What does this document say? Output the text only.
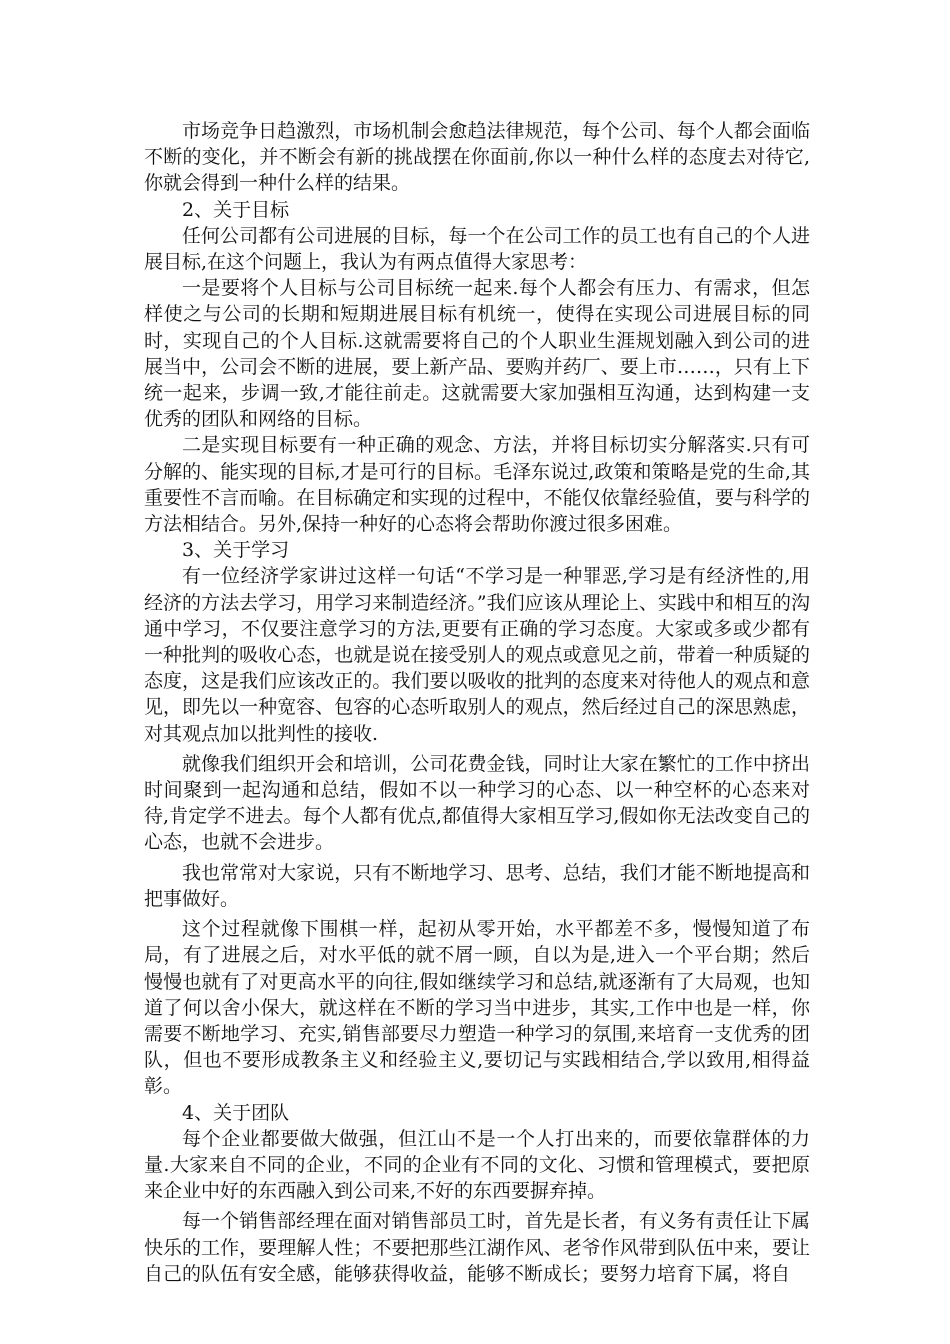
市场竞争日趋激烈，市场机制会愈趋法律规范，每个公司、每个人都会面临不断的变化，并不断会有新的挑战摆在你面前,你以一种什么样的态度去对待它,你就会得到一种什么样的结果。

2、关于目标

任何公司都有公司进展的目标，每一个在公司工作的员工也有自己的个人进展目标,在这个问题上，我认为有两点值得大家思考：

一是要将个人目标与公司目标统一起来.每个人都会有压力、有需求，但怎样使之与公司的长期和短期进展目标有机统一，使得在实现公司进展目标的同时，实现自己的个人目标.这就需要将自己的个人职业生涯规划融入到公司的进展当中，公司会不断的进展，要上新产品、要购并药厂、要上市……，只有上下统一起来，步调一致,才能往前走。这就需要大家加强相互沟通，达到构建一支优秀的团队和网络的目标。

二是实现目标要有一种正确的观念、方法，并将目标切实分解落实.只有可分解的、能实现的目标,才是可行的目标。毛泽东说过,政策和策略是党的生命,其重要性不言而喻。在目标确定和实现的过程中，不能仅依靠经验值，要与科学的方法相结合。另外,保持一种好的心态将会帮助你渡过很多困难。

3、关于学习

有一位经济学家讲过这样一句话“不学习是一种罪恶,学习是有经济性的,用经济的方法去学习，用学习来制造经济。”我们应该从理论上、实践中和相互的沟通中学习，不仅要注意学习的方法,更要有正确的学习态度。大家或多或少都有一种批判的吸收心态，也就是说在接受别人的观点或意见之前，带着一种质疑的态度，这是我们应该改正的。我们要以吸收的批判的态度来对待他人的观点和意见，即先以一种宽容、包容的心态听取别人的观点，然后经过自己的深思熟虑，对其观点加以批判性的接收.

就像我们组织开会和培训，公司花费金钱，同时让大家在繁忙的工作中挤出时间聚到一起沟通和总结，假如不以一种学习的心态、以一种空杯的心态来对待,肯定学不进去。每个人都有优点,都值得大家相互学习,假如你无法改变自己的心态，也就不会进步。

我也常常对大家说，只有不断地学习、思考、总结，我们才能不断地提高和把事做好。

这个过程就像下围棋一样，起初从零开始，水平都差不多，慢慢知道了布局，有了进展之后，对水平低的就不屑一顾，自以为是,进入一个平台期；然后慢慢也就有了对更高水平的向往,假如继续学习和总结,就逐渐有了大局观，也知道了何以舍小保大，就这样在不断的学习当中进步，其实,工作中也是一样，你需要不断地学习、充实,销售部要尽力塑造一种学习的氛围,来培育一支优秀的团队，但也不要形成教条主义和经验主义,要切记与实践相结合,学以致用,相得益彰。

4、关于团队

每个企业都要做大做强，但江山不是一个人打出来的，而要依靠群体的力量.大家来自不同的企业，不同的企业有不同的文化、习惯和管理模式，要把原来企业中好的东西融入到公司来,不好的东西要摒弃掉。

每一个销售部经理在面对销售部员工时，首先是长者，有义务有责任让下属快乐的工作，要理解人性；不要把那些江湖作风、老爷作风带到队伍中来，要让自己的队伍有安全感，能够获得收益，能够不断成长；要努力培育下属，将自
